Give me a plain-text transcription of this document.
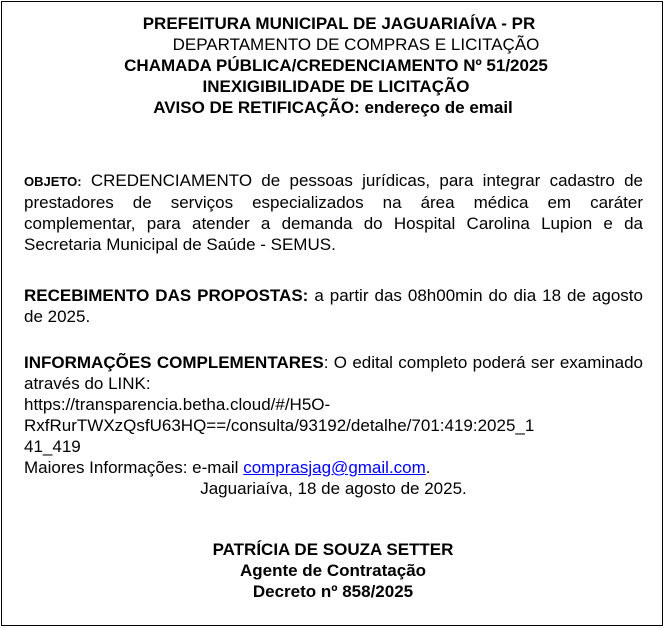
PREFEITURA MUNICIPAL DE JAGUARIAÍVA - PR
DEPARTAMENTO DE COMPRAS E LICITAÇÃO
CHAMADA PÚBLICA/CREDENCIAMENTO Nº 51/2025
INEXIGIBILIDADE DE LICITAÇÃO
AVISO DE RETIFICAÇÃO: endereço de email
OBJETO: CREDENCIAMENTO de pessoas jurídicas, para integrar cadastro de prestadores de serviços especializados na área médica em caráter complementar, para atender a demanda do Hospital Carolina Lupion e da Secretaria Municipal de Saúde - SEMUS.
RECEBIMENTO DAS PROPOSTAS: a partir das 08h00min do dia 18 de agosto de 2025.
INFORMAÇÕES COMPLEMENTARES: O edital completo poderá ser examinado através do LINK:
https://transparencia.betha.cloud/#/H5O-
RxfRurTWXzQsfU63HQ==/consulta/93192/detalhe/701:419:2025_1
41_419
Maiores Informações: e-mail comprasjag@gmail.com.
Jaguariaíva, 18 de agosto de 2025.
PATRÍCIA DE SOUZA SETTER
Agente de Contratação
Decreto nº 858/2025
